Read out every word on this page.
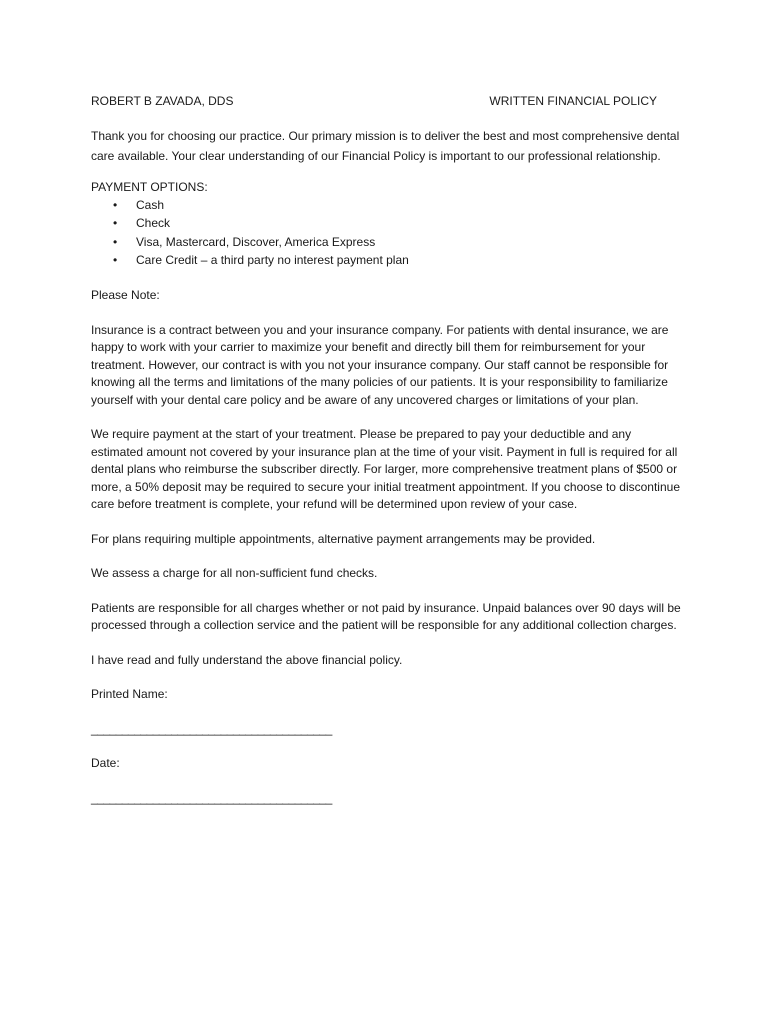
ROBERT B ZAVADA, DDS	WRITTEN FINANCIAL POLICY

Thank you for choosing our practice. Our primary mission is to deliver the best and most comprehensive dental care available. Your clear understanding of our Financial Policy is important to our professional relationship.

PAYMENT OPTIONS:
• Cash
• Check
• Visa, Mastercard, Discover, America Express
• Care Credit – a third party no interest payment plan

Please Note:

Insurance is a contract between you and your insurance company. For patients with dental insurance, we are happy to work with your carrier to maximize your benefit and directly bill them for reimbursement for your treatment. However, our contract is with you not your insurance company. Our staff cannot be responsible for knowing all the terms and limitations of the many policies of our patients. It is your responsibility to familiarize yourself with your dental care policy and be aware of any uncovered charges or limitations of your plan.

We require payment at the start of your treatment. Please be prepared to pay your deductible and any estimated amount not covered by your insurance plan at the time of your visit. Payment in full is required for all dental plans who reimburse the subscriber directly. For larger, more comprehensive treatment plans of $500 or more, a 50% deposit may be required to secure your initial treatment appointment. If you choose to discontinue care before treatment is complete, your refund will be determined upon review of your case.

For plans requiring multiple appointments, alternative payment arrangements may be provided.

We assess a charge for all non-sufficient fund checks.

Patients are responsible for all charges whether or not paid by insurance. Unpaid balances over 90 days will be processed through a collection service and the patient will be responsible for any additional collection charges.

I have read and fully understand the above financial policy.

Printed Name:

_______________________________________

Date:

_______________________________________
